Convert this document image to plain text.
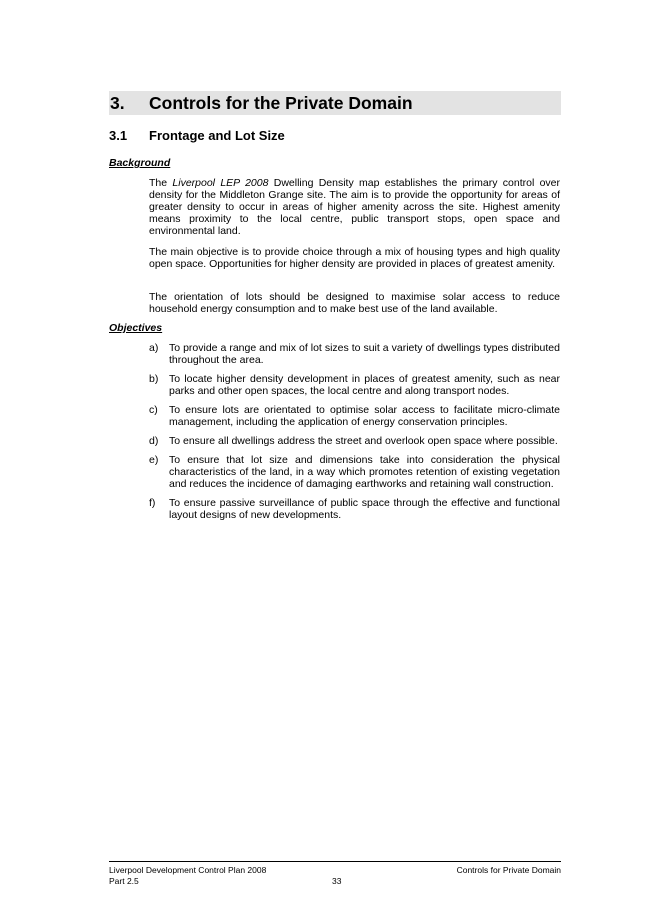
3. Controls for the Private Domain
3.1 Frontage and Lot Size
Background

The Liverpool LEP 2008 Dwelling Density map establishes the primary control over density for the Middleton Grange site. The aim is to provide the opportunity for areas of greater density to occur in areas of higher amenity across the site. Highest amenity means proximity to the local centre, public transport stops, open space and environmental land.

The main objective is to provide choice through a mix of housing types and high quality open space. Opportunities for higher density are provided in places of greatest amenity.

The orientation of lots should be designed to maximise solar access to reduce household energy consumption and to make best use of the land available.

Objectives
a) To provide a range and mix of lot sizes to suit a variety of dwellings types distributed throughout the area.
b) To locate higher density development in places of greatest amenity, such as near parks and other open spaces, the local centre and along transport nodes.
c) To ensure lots are orientated to optimise solar access to facilitate micro-climate management, including the application of energy conservation principles.
d) To ensure all dwellings address the street and overlook open space where possible.
e) To ensure that lot size and dimensions take into consideration the physical characteristics of the land, in a way which promotes retention of existing vegetation and reduces the incidence of damaging earthworks and retaining wall construction.
f) To ensure passive surveillance of public space through the effective and functional layout designs of new developments.
Liverpool Development Control Plan 2008
Part 2.5
Controls for Private Domain
33
